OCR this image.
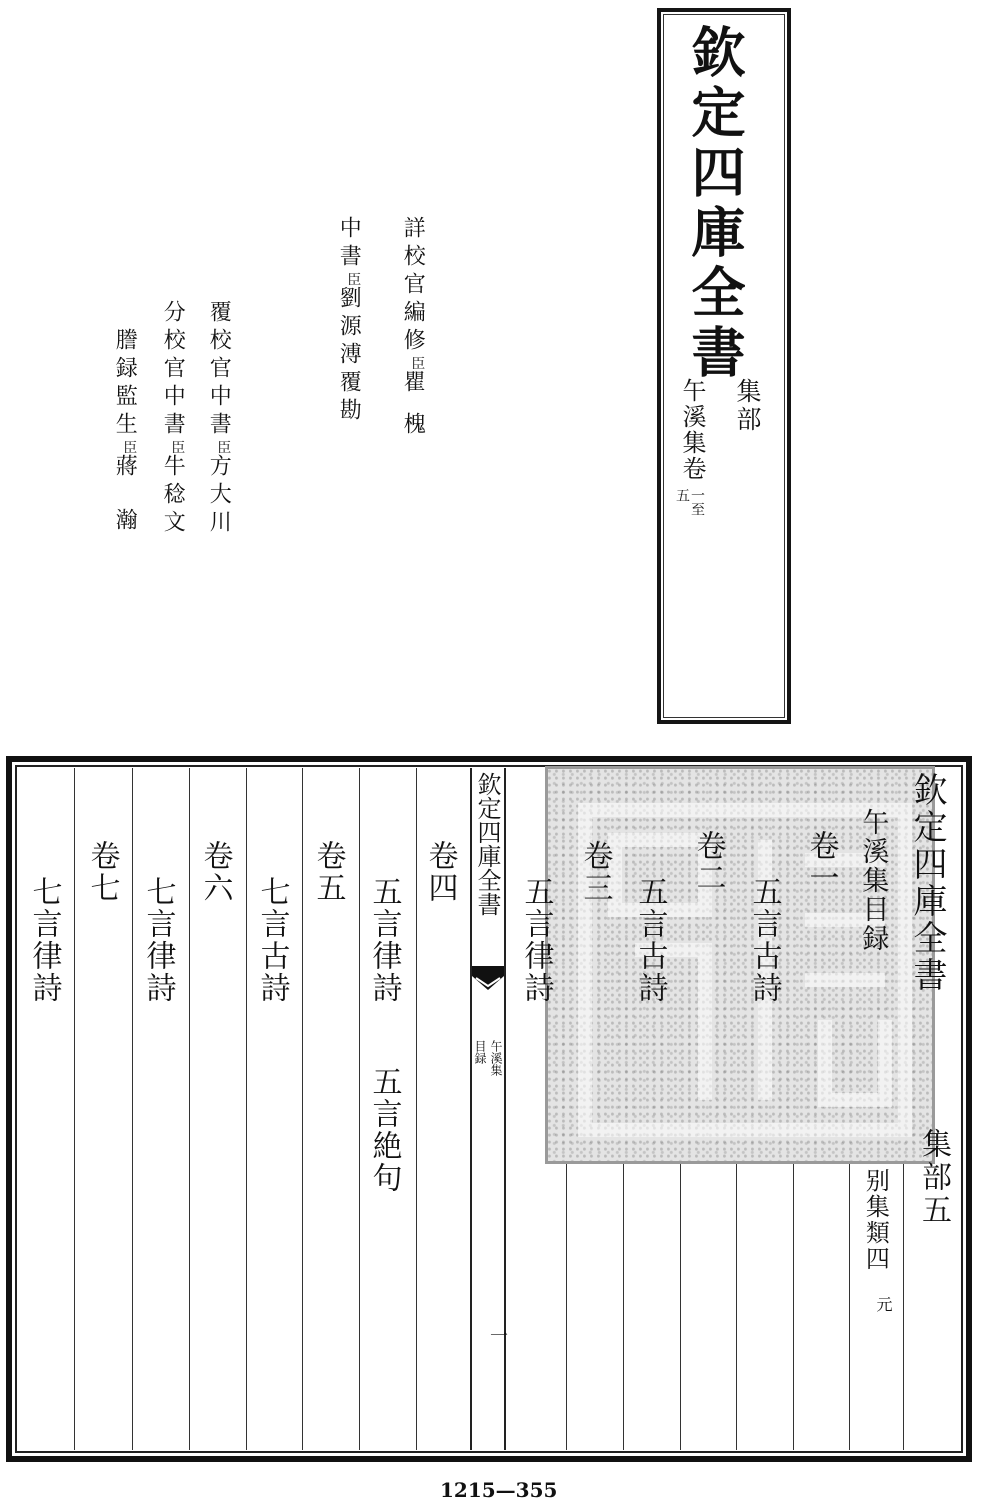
欽定四庫全書
集部
午溪集卷
一至
五
詳校官編修$^臣$瞿槐
中書$^臣$劉源溥覆勘
覆校官中書$^臣$方大川
分校官中書$^臣$牛稔文
謄録監生$^臣$蔣瀚
欽定四庫全書
集部五
午溪集目録
别集類四
元
卷一
五言古詩
卷二
五言古詩
卷三
五言律詩
欽定四庫全書
午溪集
目録
一
卷四
五言律詩
五言絶句
卷五
七言古詩
卷六
七言律詩
卷七
七言律詩
1215—355
